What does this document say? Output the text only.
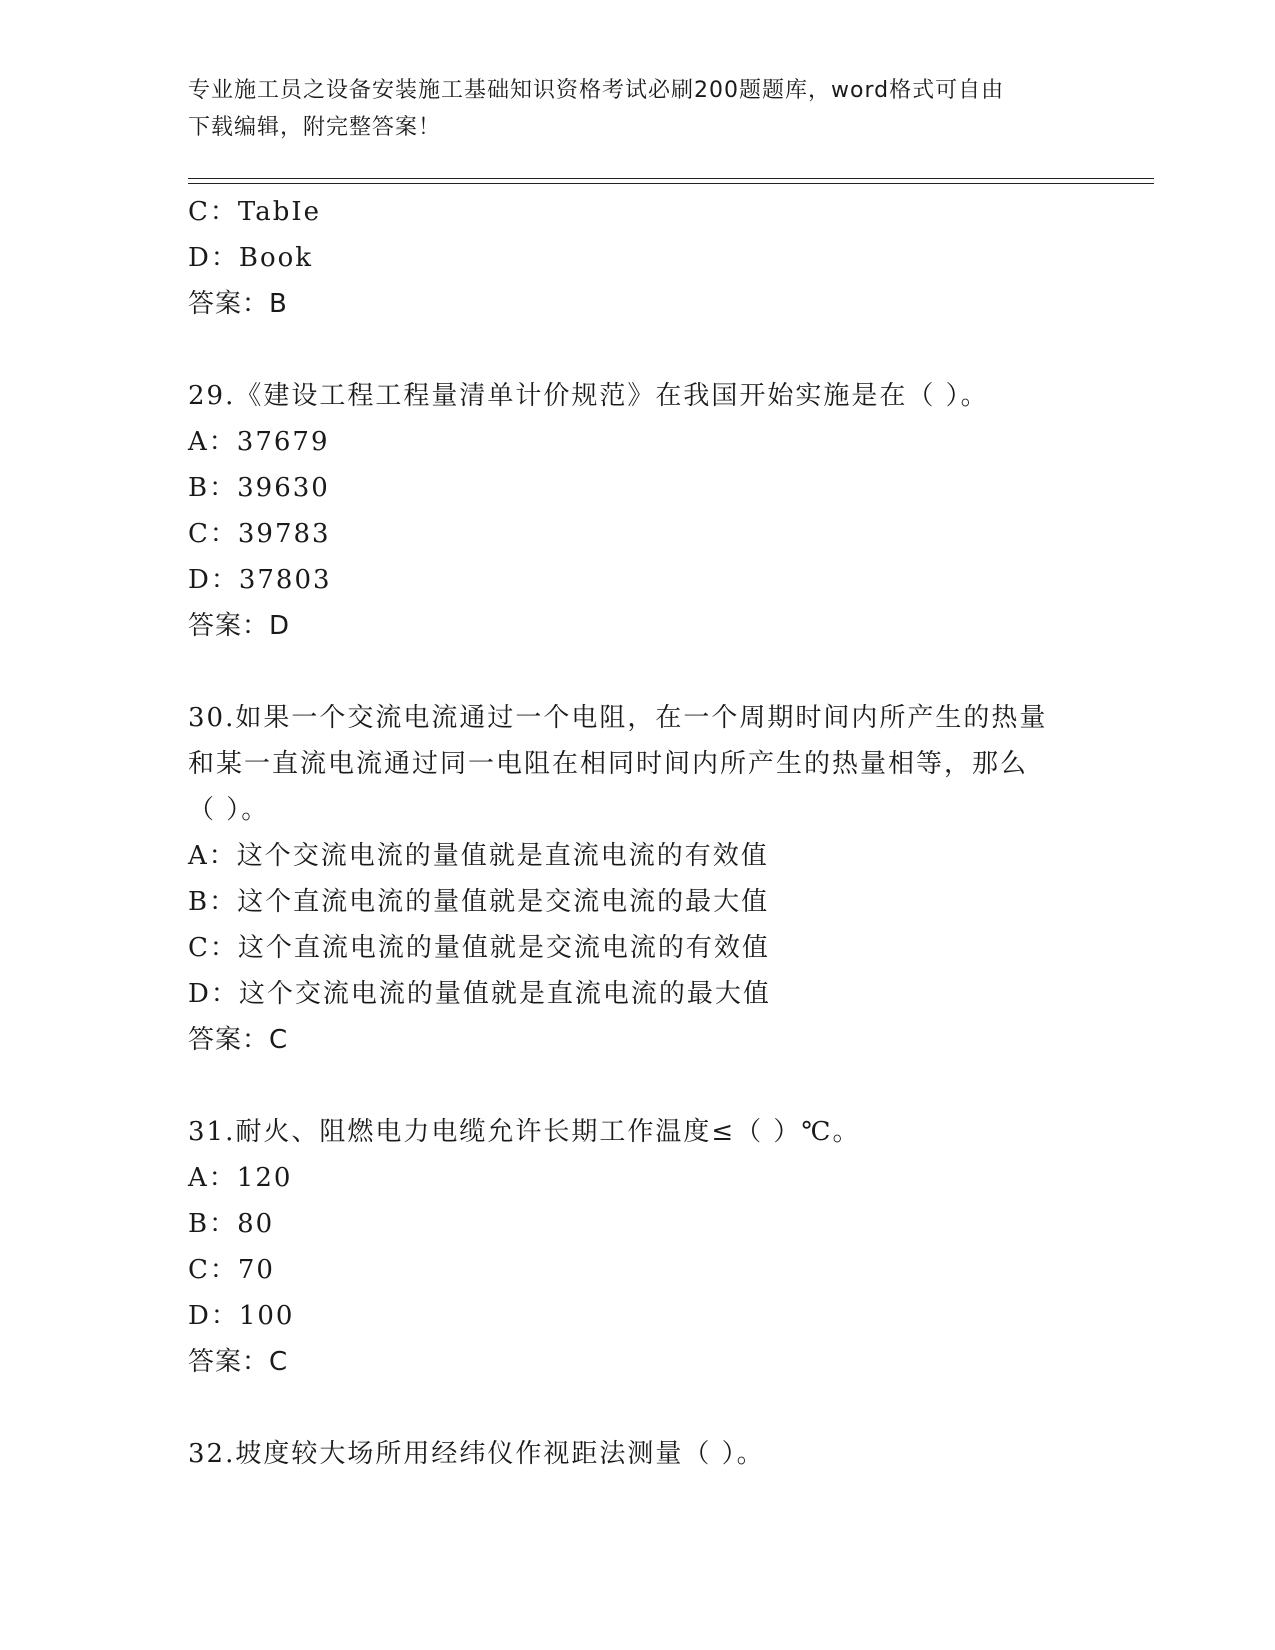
专业施工员之设备安装施工基础知识资格考试必刷200题题库，word格式可自由
下载编辑，附完整答案！
C：TabIe
D：Book
答案：B
29.《建设工程工程量清单计价规范》在我国开始实施是在（ ）。
A：37679
B：39630
C：39783
D：37803
答案：D
30.如果一个交流电流通过一个电阻，在一个周期时间内所产生的热量
和某一直流电流通过同一电阻在相同时间内所产生的热量相等，那么
（ ）。
A：这个交流电流的量值就是直流电流的有效值
B：这个直流电流的量值就是交流电流的最大值
C：这个直流电流的量值就是交流电流的有效值
D：这个交流电流的量值就是直流电流的最大值
答案：C
31.耐火、阻燃电力电缆允许长期工作温度≤（ ）℃。
A：120
B：80
C：70
D：100
答案：C
32.坡度较大场所用经纬仪作视距法测量（ ）。
